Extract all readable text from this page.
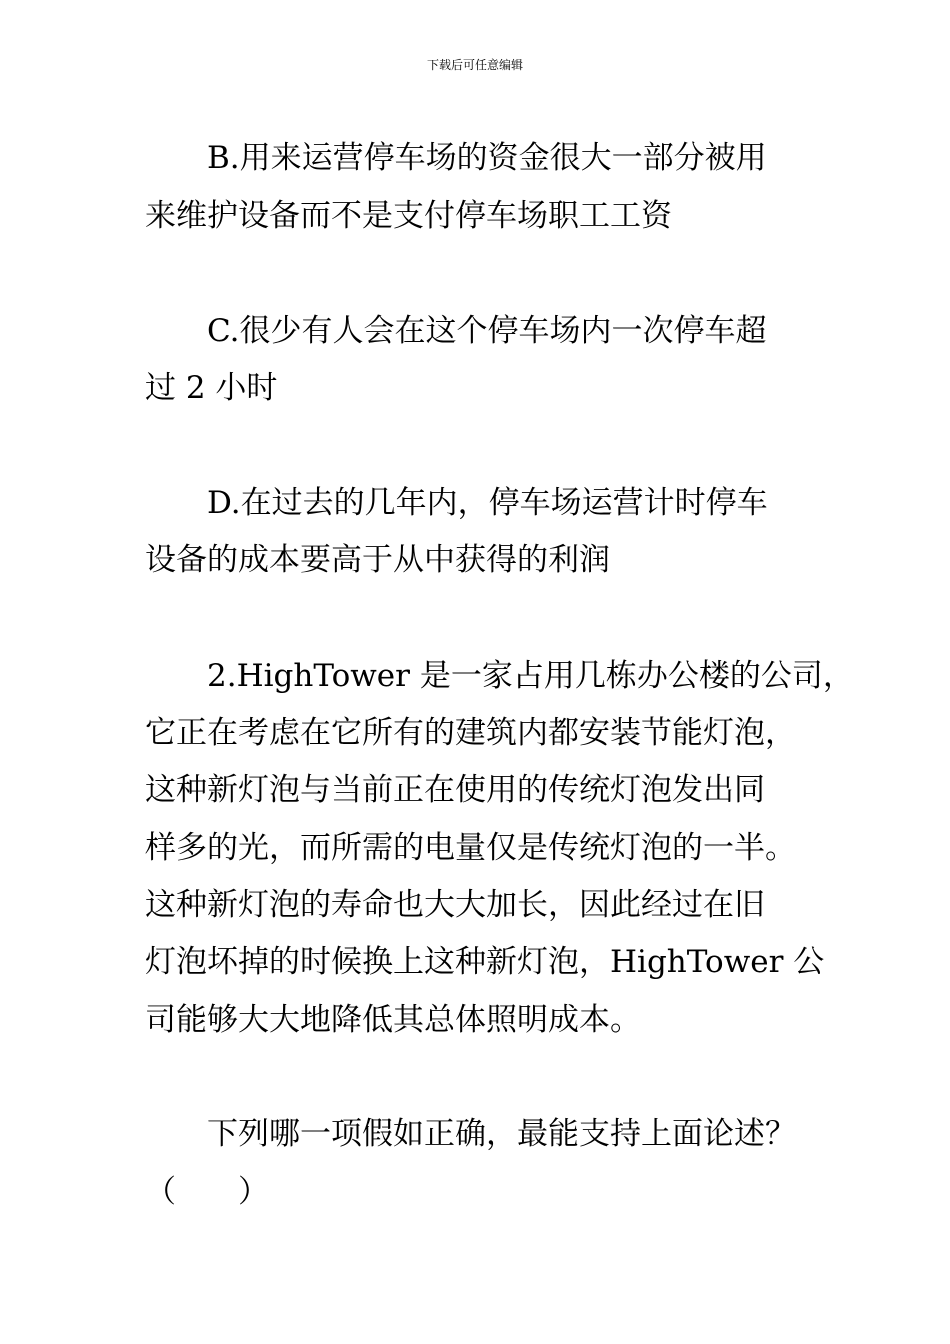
下载后可任意编辑
B.用来运营停车场的资金很大一部分被用
来维护设备而不是支付停车场职工工资
C.很少有人会在这个停车场内一次停车超
过 2 小时
D.在过去的几年内，停车场运营计时停车
设备的成本要高于从中获得的利润
2.HighTower 是一家占用几栋办公楼的公司，
它正在考虑在它所有的建筑内都安装节能灯泡，
这种新灯泡与当前正在使用的传统灯泡发出同
样多的光，而所需的电量仅是传统灯泡的一半。
这种新灯泡的寿命也大大加长，因此经过在旧
灯泡坏掉的时候换上这种新灯泡，HighTower 公
司能够大大地降低其总体照明成本。
下列哪一项假如正确，最能支持上面论述？
（　　）
